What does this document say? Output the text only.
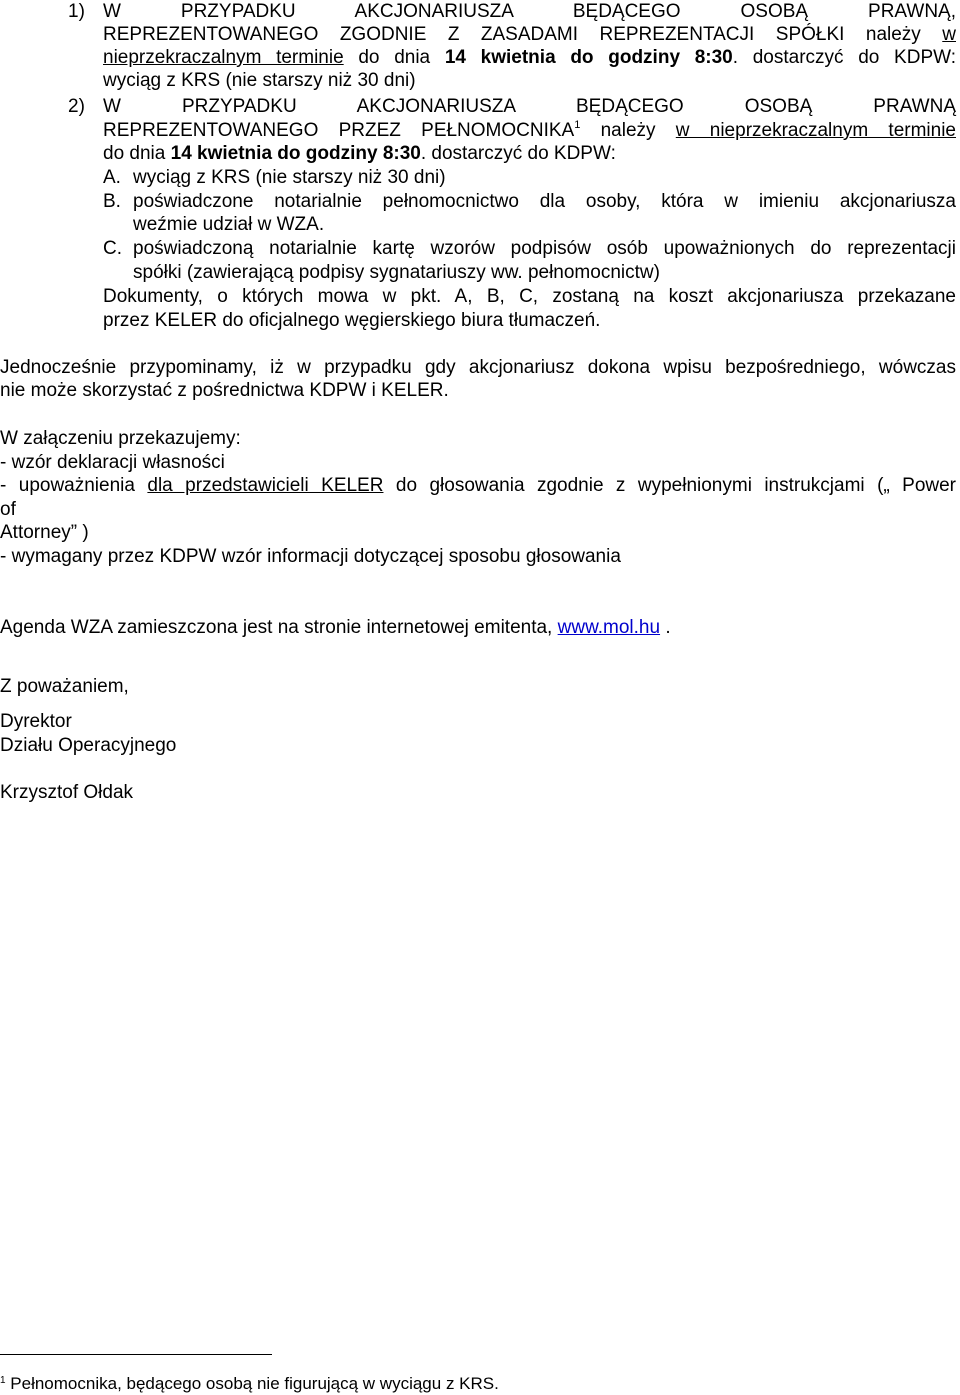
1) W PRZYPADKU AKCJONARIUSZA BĘDĄCEGO OSOBĄ PRAWNĄ,
REPREZENTOWANEGO ZGODNIE Z ZASADAMI REPREZENTACJI SPÓŁKI należy w
nieprzekraczalnym terminie do dnia 14 kwietnia do godziny 8:30. dostarczyć do KDPW:
wyciąg z KRS (nie starszy niż 30 dni)
2) W PRZYPADKU AKCJONARIUSZA BĘDĄCEGO OSOBĄ PRAWNĄ
REPREZENTOWANEGO PRZEZ PEŁNOMOCNIKA$^1$ należy w nieprzekraczalnym terminie
do dnia 14 kwietnia do godziny 8:30. dostarczyć do KDPW:
A. wyciąg z KRS (nie starszy niż 30 dni)
B. poświadczone notarialnie pełnomocnictwo dla osoby, która w imieniu akcjonariusza
weźmie udział w WZA.
C. poświadczoną notarialnie kartę wzorów podpisów osób upoważnionych do reprezentacji
spółki (zawierającą podpisy sygnatariuszy ww. pełnomocnictw)
Dokumenty, o których mowa w pkt. A, B, C, zostaną na koszt akcjonariusza przekazane
przez KELER do oficjalnego węgierskiego biura tłumaczeń.
Jednocześnie przypominamy, iż w przypadku gdy akcjonariusz dokona wpisu bezpośredniego, wówczas
nie może skorzystać z pośrednictwa KDPW i KELER.
W załączeniu przekazujemy:
- wzór deklaracji własności
- upoważnienia dla przedstawicieli KELER do głosowania zgodnie z wypełnionymi instrukcjami („ Power
of
Attorney” )
- wymagany przez KDPW wzór informacji dotyczącej sposobu głosowania
Agenda WZA zamieszczona jest na stronie internetowej emitenta, www.mol.hu .
Z poważaniem,
Dyrektor
Działu Operacyjnego
Krzysztof Ołdak
$^1$ Pełnomocnika, będącego osobą nie figurującą w wyciągu z KRS.
